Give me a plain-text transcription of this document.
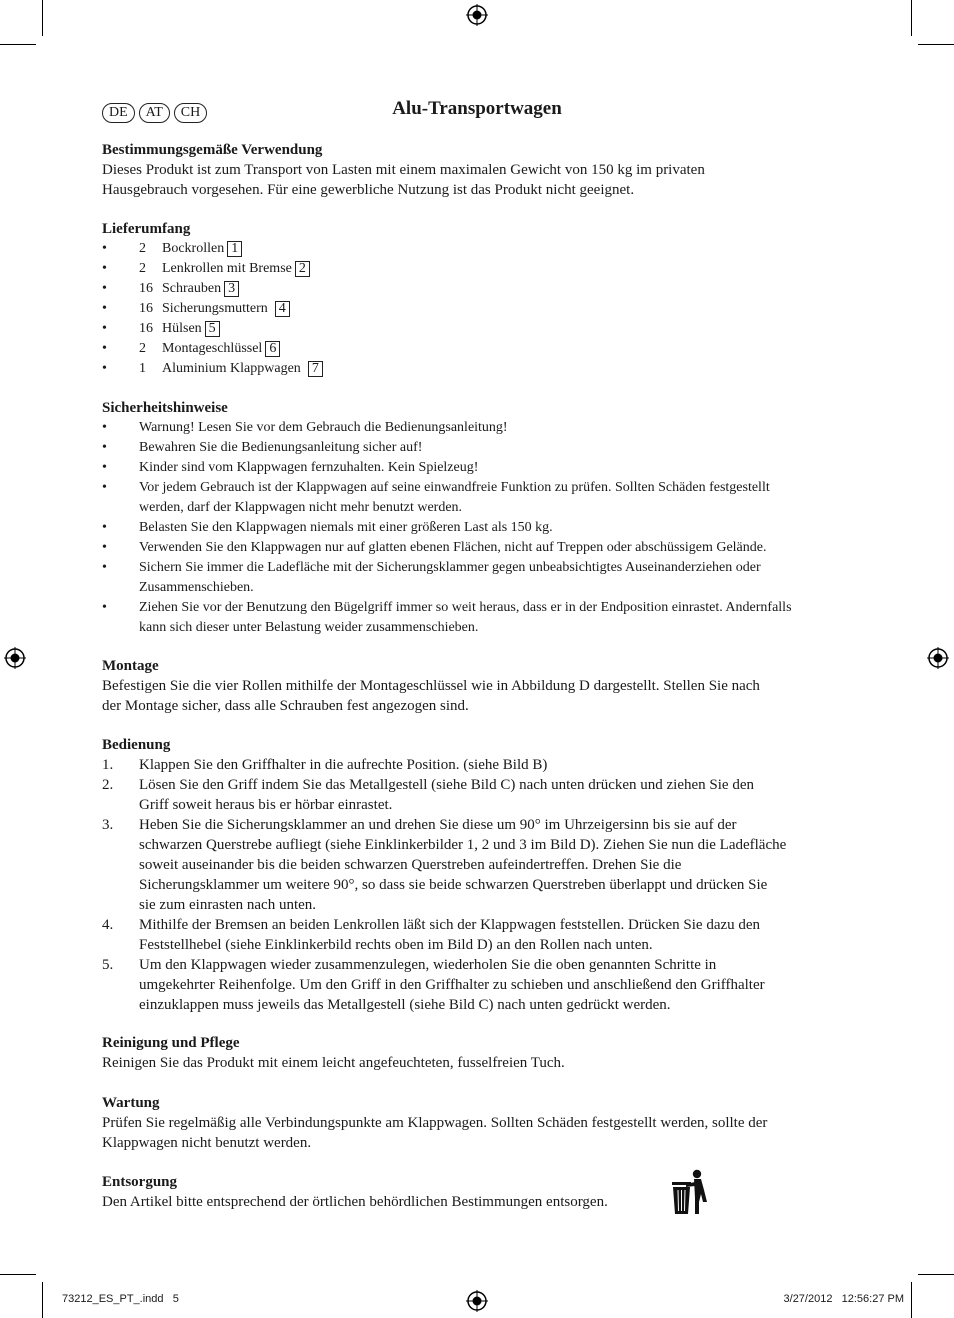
DE AT CH	Alu-Transportwagen
Bestimmungsgemäße Verwendung
Dieses Produkt ist zum Transport von Lasten mit einem maximalen Gewicht von 150 kg im privaten
Hausgebrauch vorgesehen. Für eine gewerbliche Nutzung ist das Produkt nicht geeignet.
Lieferumfang
• 2 Bockrollen 1
• 2 Lenkrollen mit Bremse 2
• 16 Schrauben 3
• 16 Sicherungsmuttern 4
• 16 Hülsen 5
• 2 Montageschlüssel 6
• 1 Aluminium Klappwagen 7
Sicherheitshinweise
• Warnung! Lesen Sie vor dem Gebrauch die Bedienungsanleitung!
• Bewahren Sie die Bedienungsanleitung sicher auf!
• Kinder sind vom Klappwagen fernzuhalten. Kein Spielzeug!
• Vor jedem Gebrauch ist der Klappwagen auf seine einwandfreie Funktion zu prüfen. Sollten Schäden festgestellt
werden, darf der Klappwagen nicht mehr benutzt werden.
• Belasten Sie den Klappwagen niemals mit einer größeren Last als 150 kg.
• Verwenden Sie den Klappwagen nur auf glatten ebenen Flächen, nicht auf Treppen oder abschüssigem Gelände.
• Sichern Sie immer die Ladefläche mit der Sicherungsklammer gegen unbeabsichtigtes Auseinanderziehen oder
Zusammenschieben.
• Ziehen Sie vor der Benutzung den Bügelgriff immer so weit heraus, dass er in der Endposition einrastet. Andernfalls
kann sich dieser unter Belastung weider zusammenschieben.
Montage
Befestigen Sie die vier Rollen mithilfe der Montageschlüssel wie in Abbildung D dargestellt. Stellen Sie nach
der Montage sicher, dass alle Schrauben fest angezogen sind.
Bedienung
1. Klappen Sie den Griffhalter in die aufrechte Position. (siehe Bild B)
2. Lösen Sie den Griff indem Sie das Metallgestell (siehe Bild C) nach unten drücken und ziehen Sie den
Griff soweit heraus bis er hörbar einrastet.
3. Heben Sie die Sicherungsklammer an und drehen Sie diese um 90° im Uhrzeigersinn bis sie auf der
schwarzen Querstrebe aufliegt (siehe Einklinkerbilder 1, 2 und 3 im Bild D). Ziehen Sie nun die Ladefläche
soweit auseinander bis die beiden schwarzen Querstreben aufeindertreffen. Drehen Sie die
Sicherungsklammer um weitere 90°, so dass sie beide schwarzen Querstreben überlappt und drücken Sie
sie zum einrasten nach unten.
4. Mithilfe der Bremsen an beiden Lenkrollen läßt sich der Klappwagen feststellen. Drücken Sie dazu den
Feststellhebel (siehe Einklinkerbild rechts oben im Bild D) an den Rollen nach unten.
5. Um den Klappwagen wieder zusammenzulegen, wiederholen Sie die oben genannten Schritte in
umgekehrter Reihenfolge. Um den Griff in den Griffhalter zu schieben und anschließend den Griffhalter
einzuklappen muss jeweils das Metallgestell (siehe Bild C) nach unten gedrückt werden.
Reinigung und Pflege
Reinigen Sie das Produkt mit einem leicht angefeuchteten, fusselfreien Tuch.
Wartung
Prüfen Sie regelmäßig alle Verbindungspunkte am Klappwagen. Sollten Schäden festgestellt werden, sollte der
Klappwagen nicht benutzt werden.
Entsorgung
Den Artikel bitte entsprechend der örtlichen behördlichen Bestimmungen entsorgen.
73212_ES_PT_.indd   5	3/27/2012   12:56:27 PM
